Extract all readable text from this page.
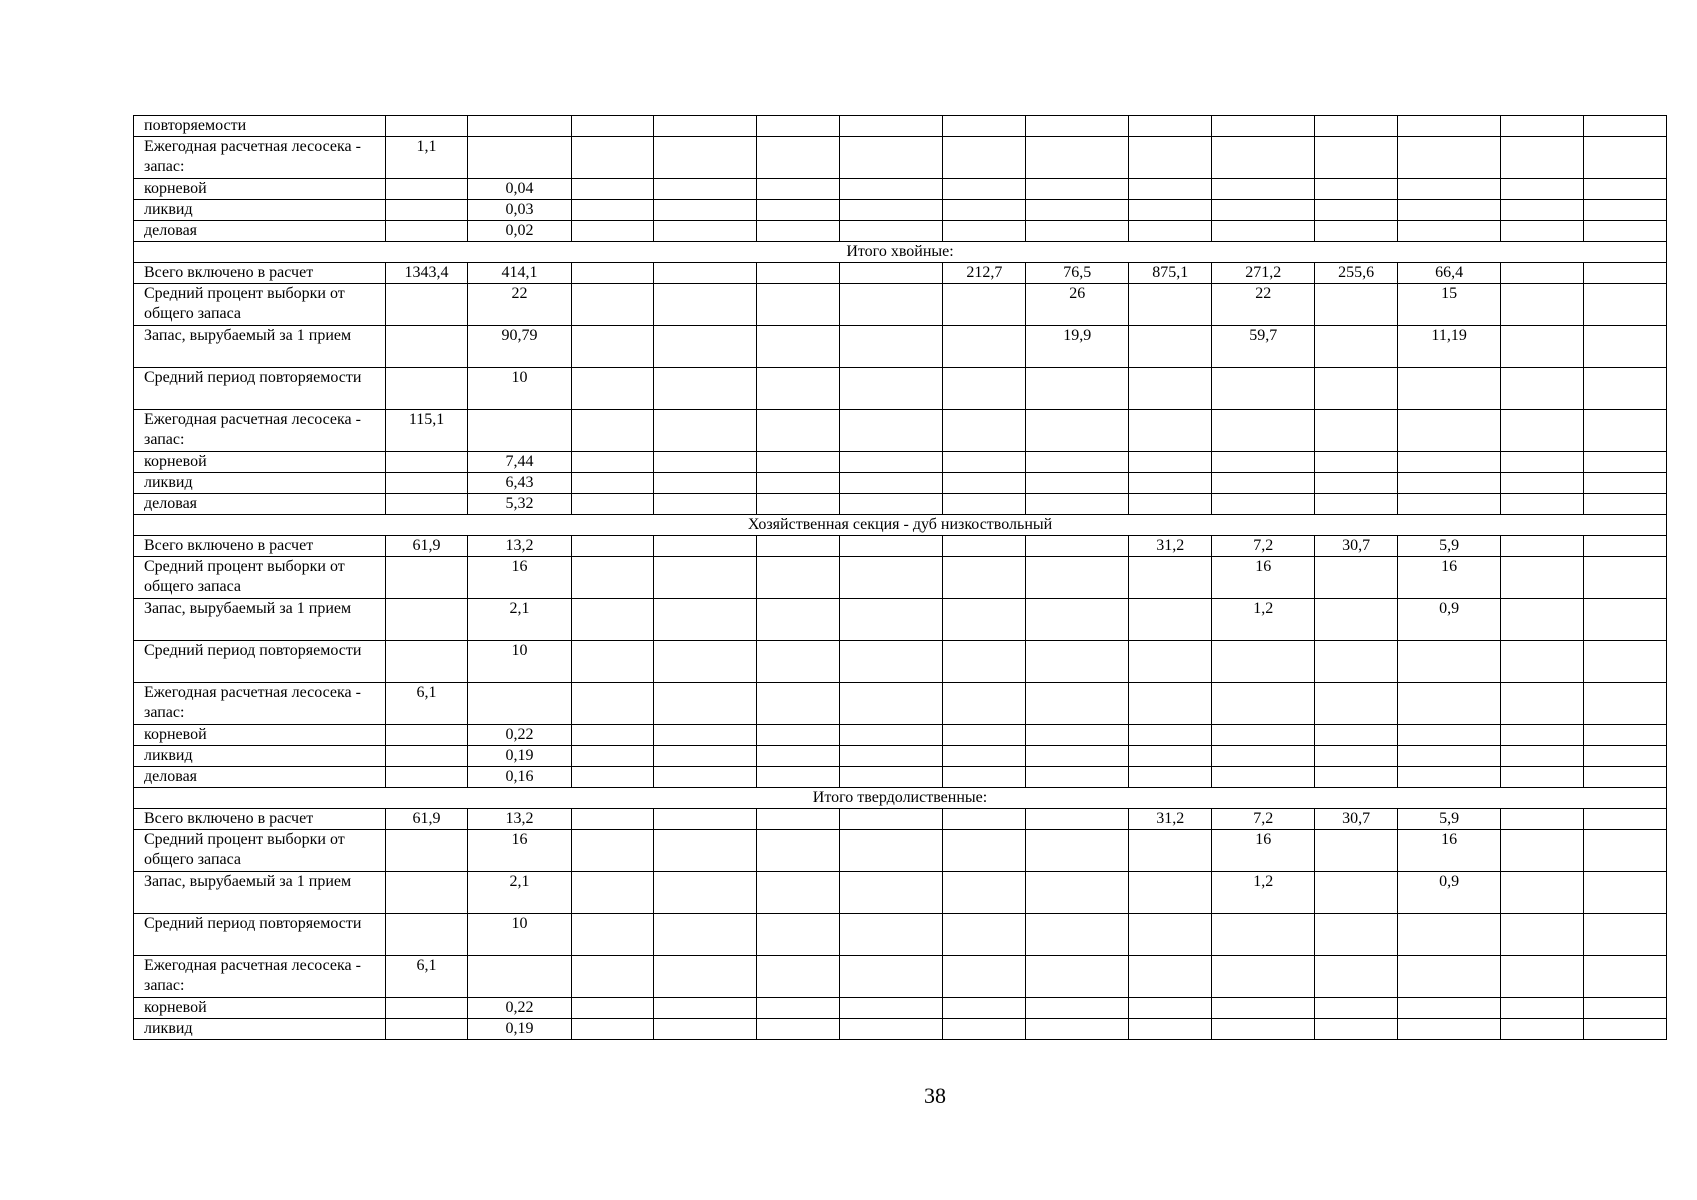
повторяемости														
Ежегодная расчетная лесосека - запас:	1,1													
корневой		0,04												
ликвид		0,03												
деловая		0,02												
Итого хвойные:														
Всего включено в расчет	1343,4	414,1					212,7	76,5	875,1	271,2	255,6	66,4		
Средний процент выборки от общего запаса		22						26		22		15		
Запас, вырубаемый за 1 прием		90,79						19,9		59,7		11,19		
Средний период повторяемости		10												
Ежегодная расчетная лесосека - запас:	115,1													
корневой		7,44												
ликвид		6,43												
деловая		5,32												
Хозяйственная секция - дуб низкоствольный														
Всего включено в расчет	61,9	13,2							31,2	7,2	30,7	5,9		
Средний процент выборки от общего запаса		16								16		16		
Запас, вырубаемый за 1 прием		2,1								1,2		0,9		
Средний период повторяемости		10												
Ежегодная расчетная лесосека - запас:	6,1													
корневой		0,22												
ликвид		0,19												
деловая		0,16												
Итого твердолиственные:														
Всего включено в расчет	61,9	13,2							31,2	7,2	30,7	5,9		
Средний процент выборки от общего запаса		16								16		16		
Запас, вырубаемый за 1 прием		2,1								1,2		0,9		
Средний период повторяемости		10												
Ежегодная расчетная лесосека - запас:	6,1													
корневой		0,22												
ликвид		0,19												
38
